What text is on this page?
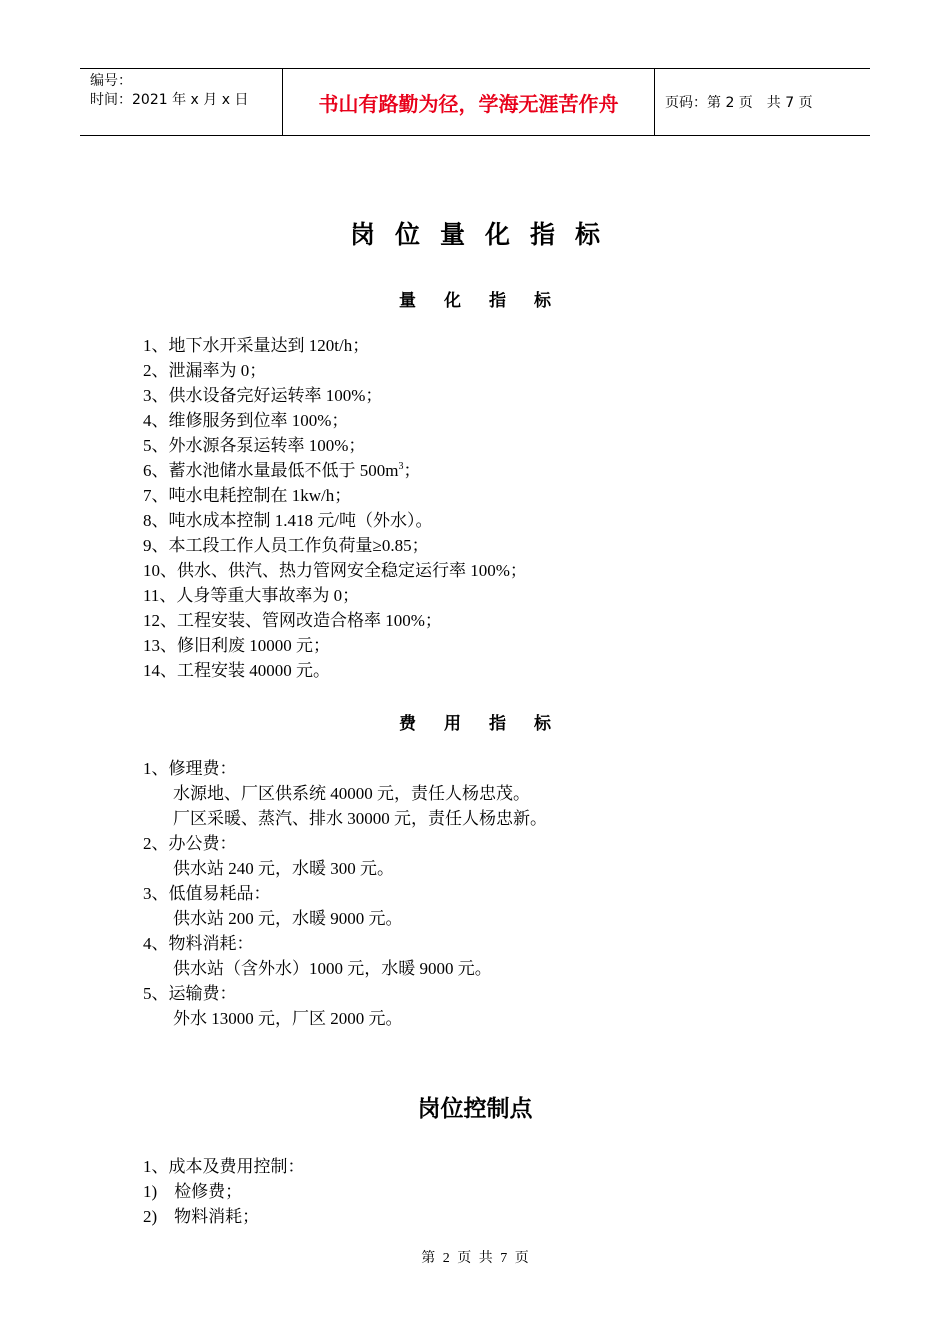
编号：
时间：2021 年 x 月 x 日	书山有路勤为径，学海无涯苦作舟	页码：第 2 页　共 7 页
岗位量化指标
量化指标
1、地下水开采量达到 120t/h；
2、泄漏率为 0；
3、供水设备完好运转率 100%；
4、维修服务到位率 100%；
5、外水源各泵运转率 100%；
6、蓄水池储水量最低不低于 $500m^3$；
7、吨水电耗控制在 1kw/h；
8、吨水成本控制 1.418 元/吨（外水）。
9、本工段工作人员工作负荷量≥0.85；
10、供水、供汽、热力管网安全稳定运行率 100%；
11、人身等重大事故率为 0；
12、工程安装、管网改造合格率 100%；
13、修旧利废 10000 元；
14、工程安装 40000 元。
费用指标
1、修理费：
水源地、厂区供系统 40000 元，责任人杨忠茂。
厂区采暖、蒸汽、排水 30000 元，责任人杨忠新。
2、办公费：
供水站 240 元，水暖 300 元。
3、低值易耗品：
供水站 200 元，水暖 9000 元。
4、物料消耗：
供水站（含外水）1000 元，水暖 9000 元。
5、运输费：
外水 13000 元，厂区 2000 元。
岗位控制点
1、成本及费用控制：
1)　检修费；
2)　物料消耗；
第 2 页 共 7 页
